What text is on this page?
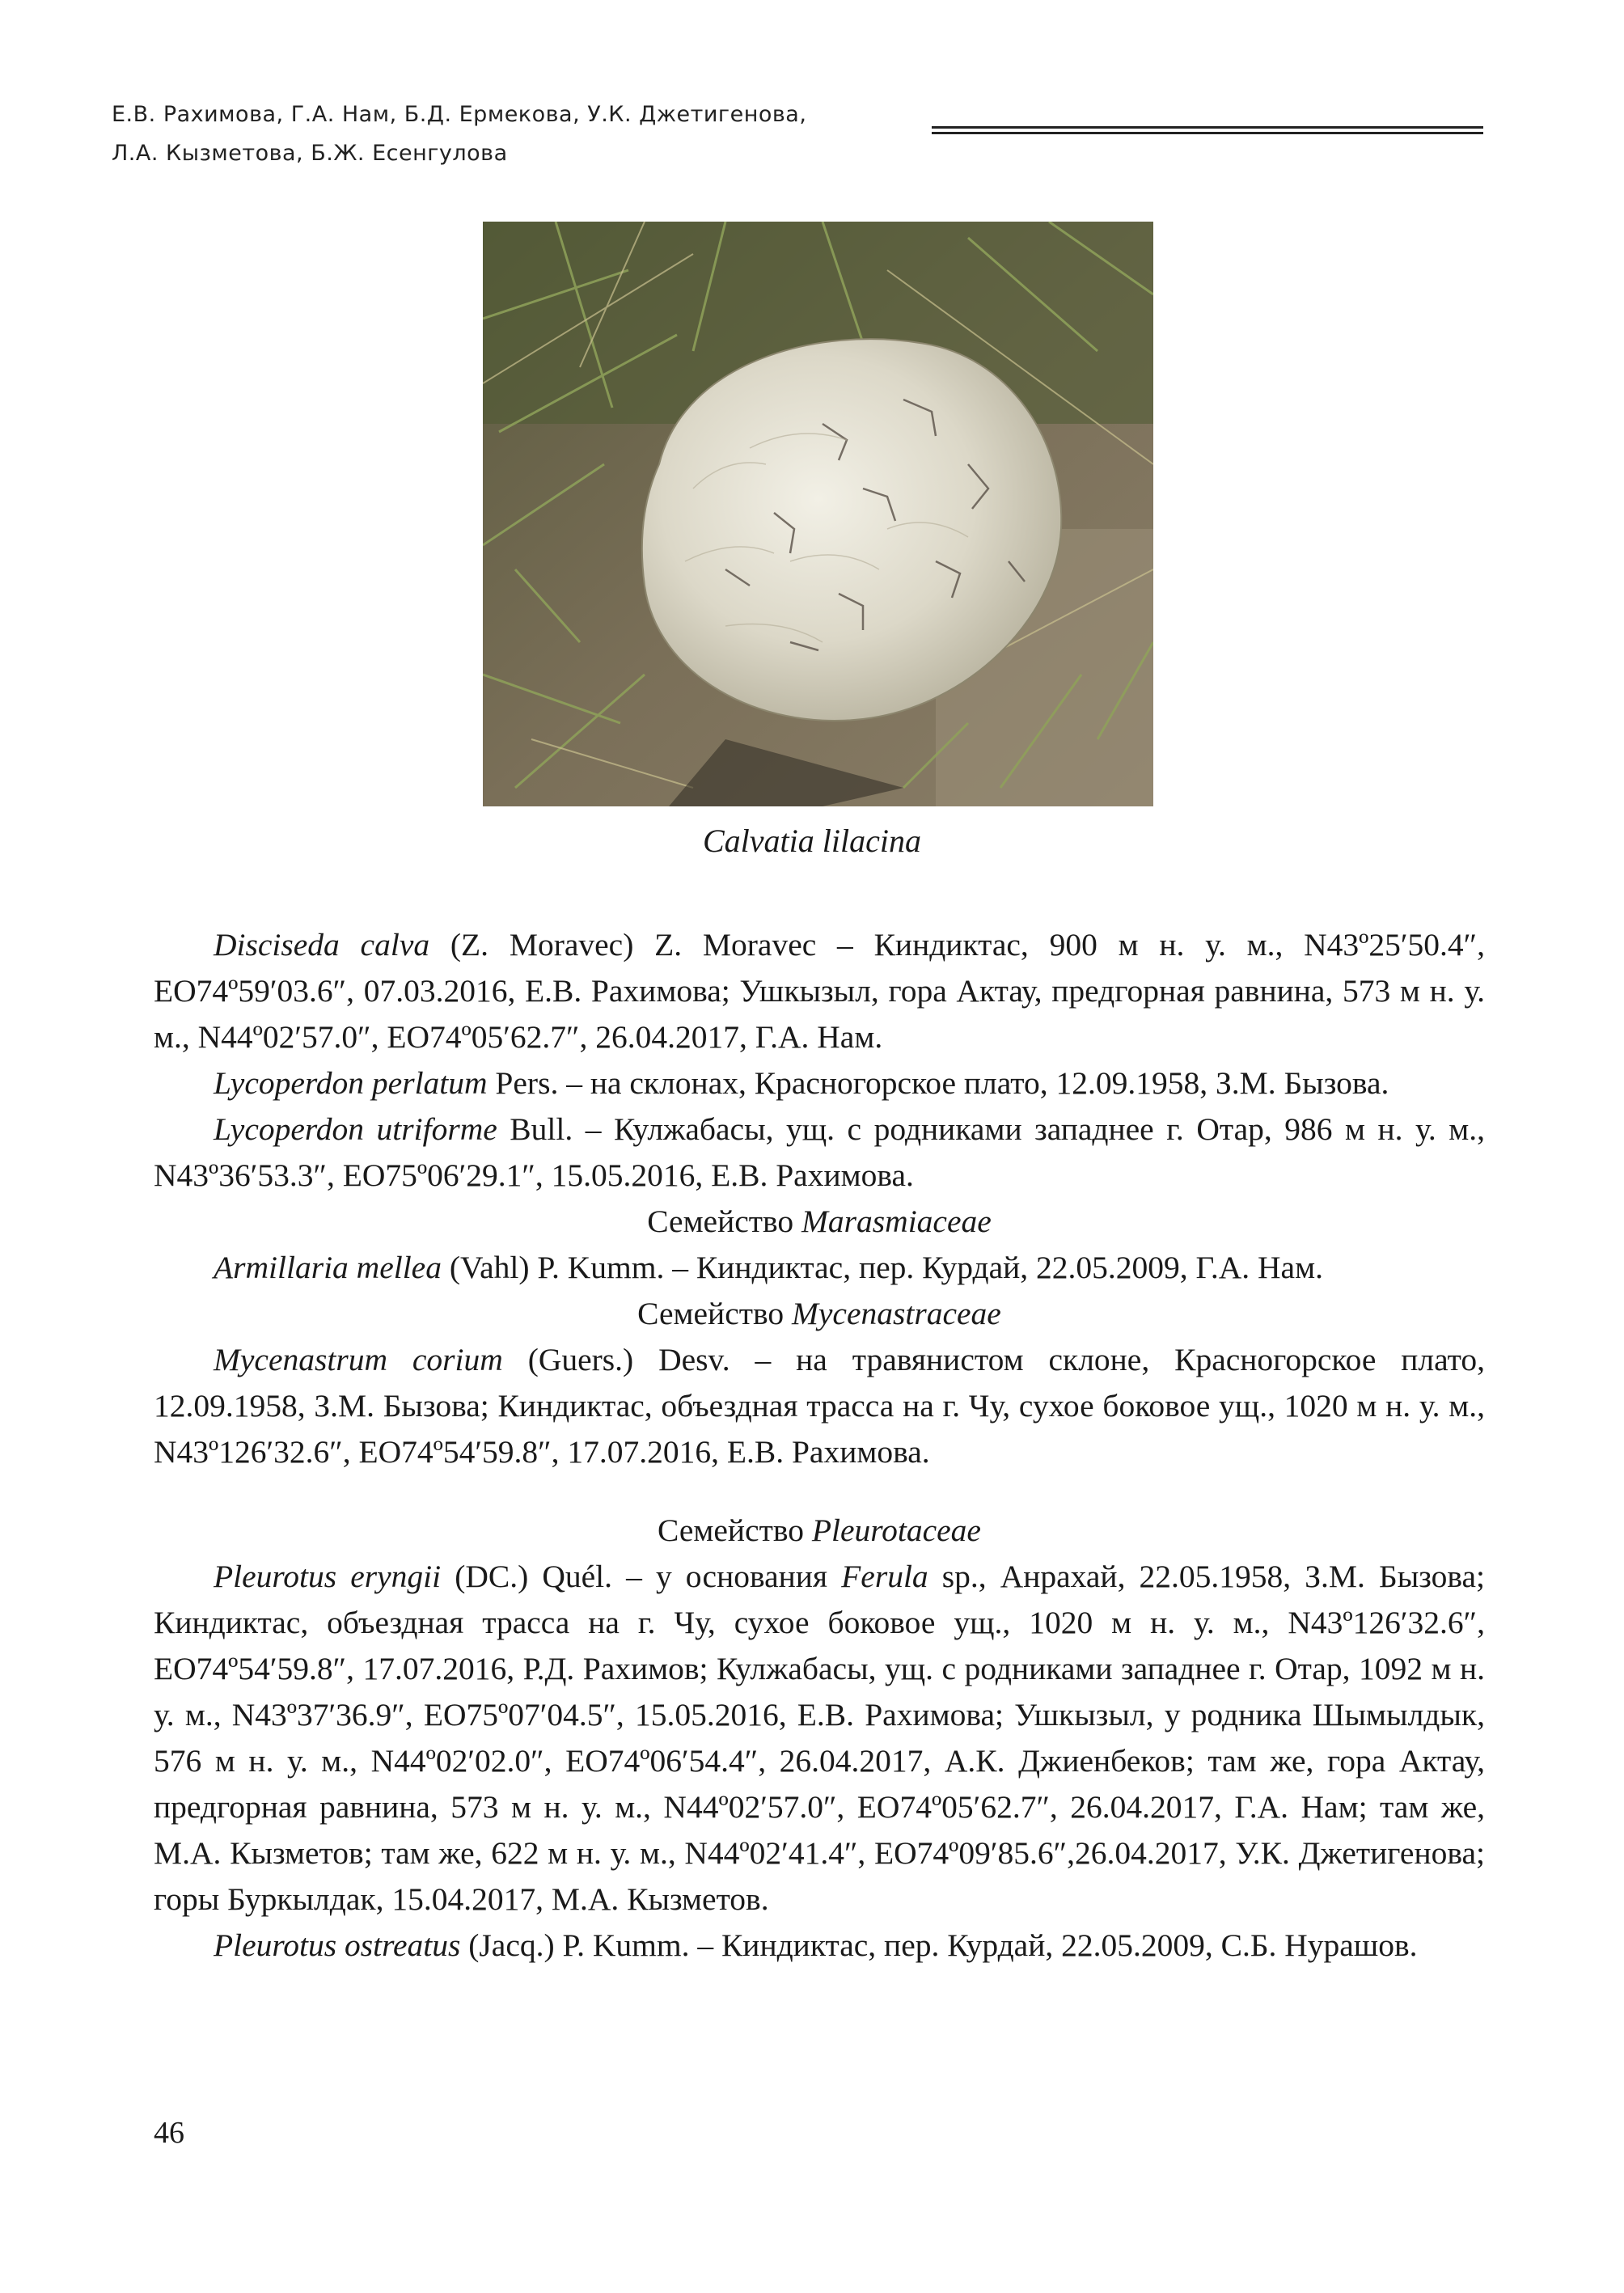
Е.В. Рахимова, Г.А. Нам, Б.Д. Ермекова, У.К. Джетигенова,
Л.А. Кызметова, Б.Ж. Есенгулова
Calvatia lilacina

Disciseda calva (Z. Moravec) Z. Moravec – Киндиктас, 900 м н. у. м., N43º25′50.4″, EO74º59′03.6″, 07.03.2016, Е.В. Рахимова; Ушкызыл, гора Актау, предгорная равнина, 573 м н. у. м., N44º02′57.0″, EO74º05′62.7″, 26.04.2017, Г.А. Нам.

Lycoperdon perlatum Pers. – на склонах, Красногорское плато, 12.09.1958, З.М. Бызова.

Lycoperdon utriforme Bull. – Кулжабасы, ущ. с родниками западнее г. Отар, 986 м н. у. м., N43º36′53.3″, EO75º06′29.1″, 15.05.2016, Е.В. Рахимова.

Семейство Marasmiaceae

Armillaria mellea (Vahl) P. Kumm. – Киндиктас, пер. Курдай, 22.05.2009, Г.А. Нам.

Семейство Mycenastraceae

Mycenastrum corium (Guers.) Desv. – на травянистом склоне, Красногорское плато, 12.09.1958, З.М. Бызова; Киндиктас, объездная трасса на г. Чу, сухое боковое ущ., 1020 м н. у. м., N43º126′32.6″, EO74º54′59.8″, 17.07.2016, Е.В. Рахимова.

Семейство Pleurotaceae

Pleurotus eryngii (DC.) Quél. – у основания Ferula sp., Анрахай, 22.05.1958, З.М. Бызова; Киндиктас, объездная трасса на г. Чу, сухое боковое ущ., 1020 м н. у. м., N43º126′32.6″, EO74º54′59.8″, 17.07.2016, Р.Д. Рахимов; Кулжабасы, ущ. с родниками западнее г. Отар, 1092 м н. у. м., N43º37′36.9″, EO75º07′04.5″, 15.05.2016, Е.В. Рахимова; Ушкызыл, у родника Шымылдык, 576 м н. у. м., N44º02′02.0″, EO74º06′54.4″, 26.04.2017, А.К. Джиенбеков; там же, гора Актау, предгорная равнина, 573 м н. у. м., N44º02′57.0″, EO74º05′62.7″, 26.04.2017, Г.А. Нам; там же, М.А. Кызметов; там же, 622 м н. у. м., N44º02′41.4″, EO74º09′85.6″,26.04.2017, У.К. Джетигенова; горы Буркылдак, 15.04.2017, М.А. Кызметов.

Pleurotus ostreatus (Jacq.) P. Kumm. – Киндиктас, пер. Курдай, 22.05.2009, С.Б. Нурашов.

46
